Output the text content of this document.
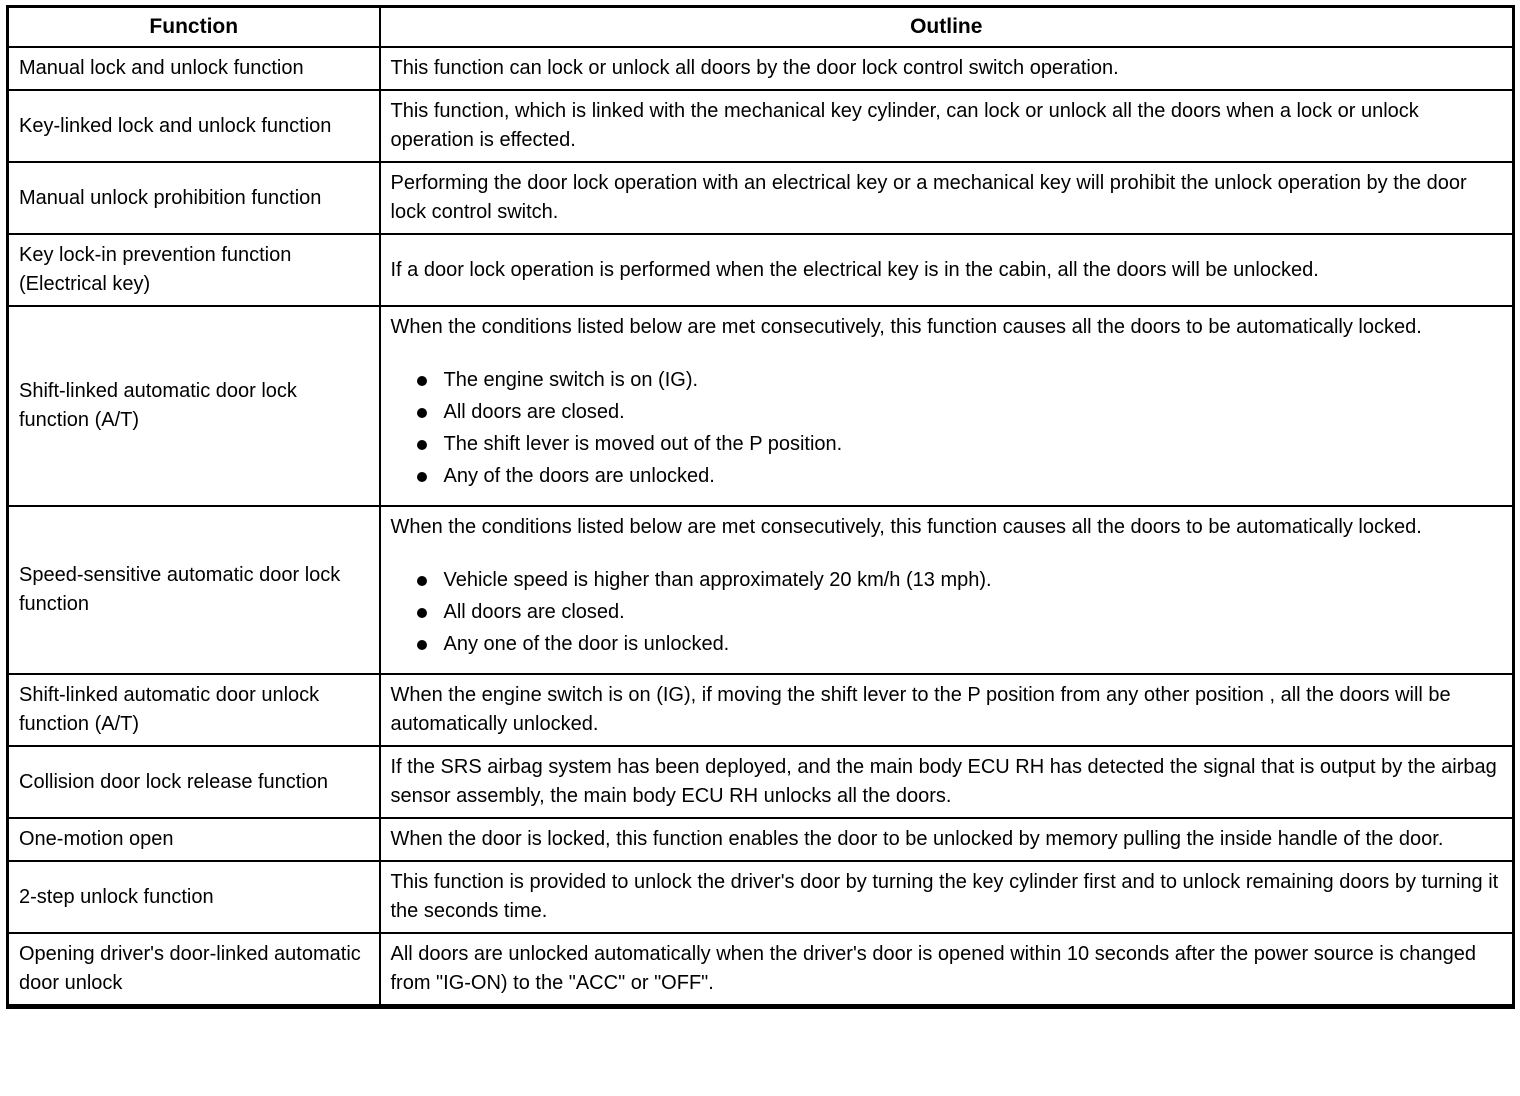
Function	Outline
Manual lock and unlock function	This function can lock or unlock all doors by the door lock control switch operation.

Key-linked lock and unlock function	This function, which is linked with the mechanical key cylinder, can lock or unlock all the doors when a lock or unlock operation is effected.

Manual unlock prohibition function	Performing the door lock operation with an electrical key or a mechanical key will prohibit the unlock operation by the door lock control switch.

Key lock-in prevention function (Electrical key)	If a door lock operation is performed when the electrical key is in the cabin, all the doors will be unlocked.

Shift-linked automatic door lock function (A/T)	When the conditions listed below are met consecutively, this function causes all the doors to be automatically locked.
The engine switch is on (IG).
All doors are closed.
The shift lever is moved out of the P position.
Any of the doors are unlocked.

Speed-sensitive automatic door lock function	When the conditions listed below are met consecutively, this function causes all the doors to be automatically locked.
Vehicle speed is higher than approximately 20 km/h (13 mph).
All doors are closed.
Any one of the door is unlocked.

Shift-linked automatic door unlock function (A/T)	When the engine switch is on (IG), if moving the shift lever to the P position from any other position , all the doors will be automatically unlocked.

Collision door lock release function	If the SRS airbag system has been deployed, and the main body ECU RH has detected the signal that is output by the airbag sensor assembly, the main body ECU RH unlocks all the doors.

One-motion open	When the door is locked, this function enables the door to be unlocked by memory pulling the inside handle of the door.

2-step unlock function	This function is provided to unlock the driver's door by turning the key cylinder first and to unlock remaining doors by turning it the seconds time.

Opening driver's door-linked automatic door unlock	All doors are unlocked automatically when the driver's door is opened within 10 seconds after the power source is changed from "IG-ON) to the "ACC" or "OFF".
